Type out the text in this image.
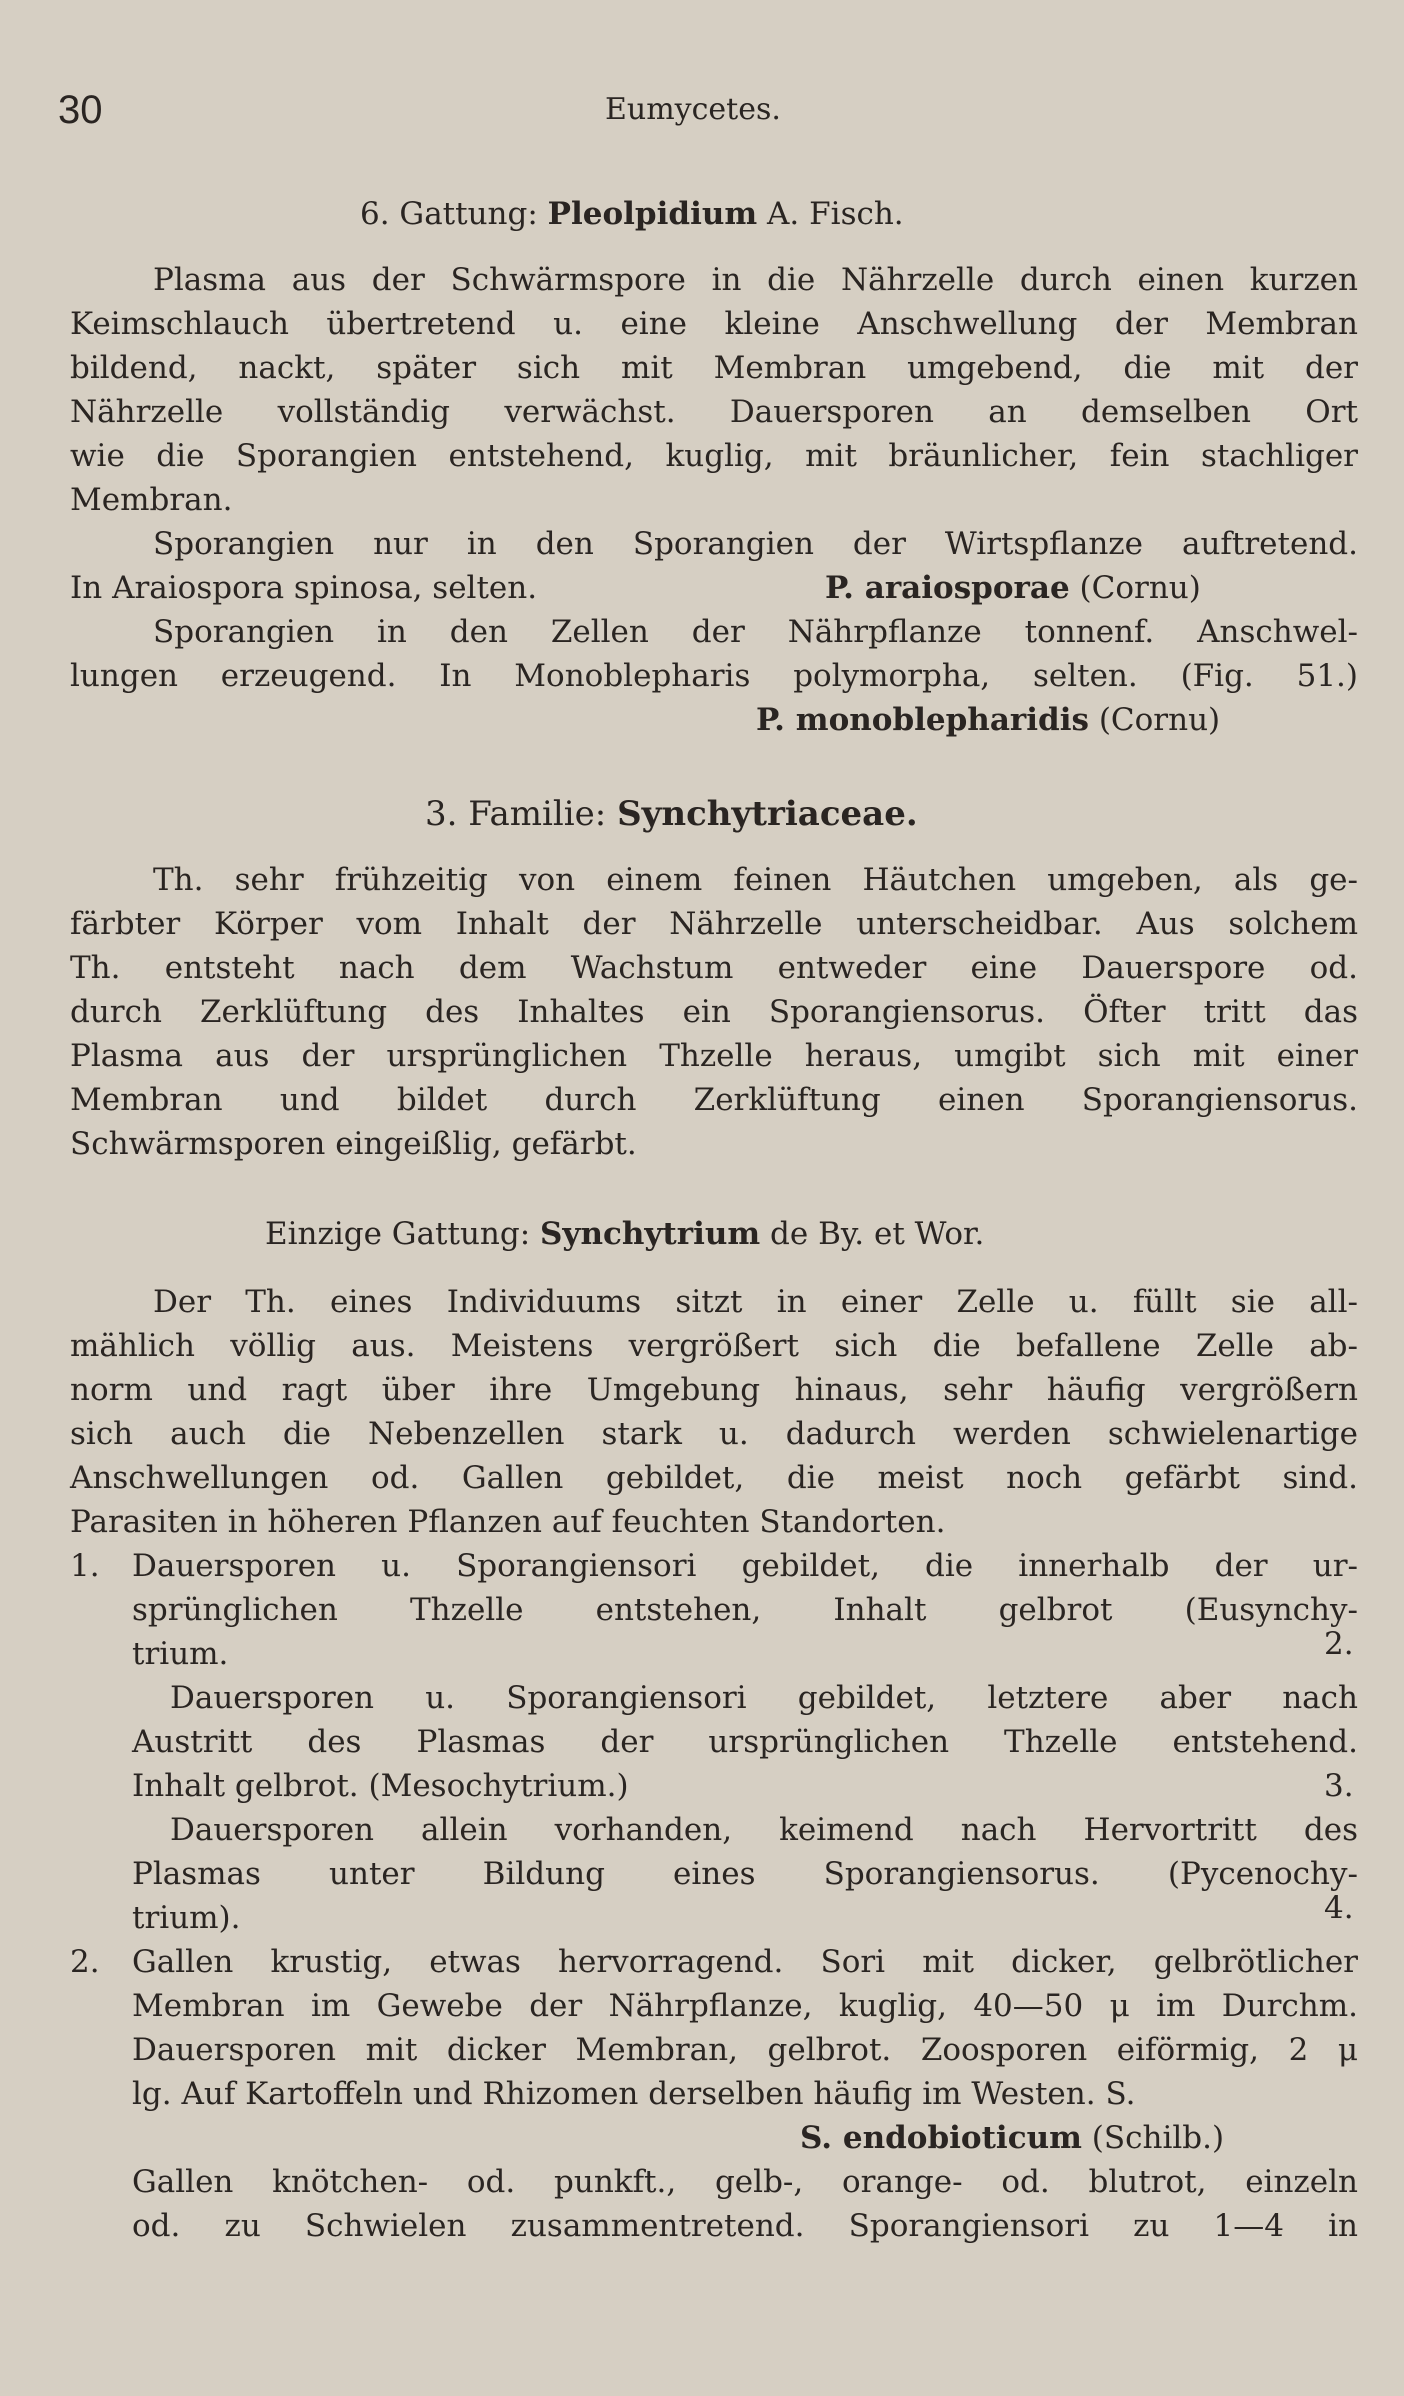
30	Eumycetes.
6. Gattung: Pleolpidium A. Fisch.
Plasma aus der Schwärmspore in die Nährzelle durch einen kurzen
Keimschlauch übertretend u. eine kleine Anschwellung der Membran
bildend, nackt, später sich mit Membran umgebend, die mit der
Nährzelle vollständig verwächst. Dauersporen an demselben Ort
wie die Sporangien entstehend, kuglig, mit bräunlicher, fein stachliger
Membran.
Sporangien nur in den Sporangien der Wirtspflanze auftretend.
In Araiospora spinosa, selten.	P. araiosporae (Cornu)
Sporangien in den Zellen der Nährpflanze tonnenf. Anschwel-
lungen erzeugend. In Monoblepharis polymorpha, selten. (Fig. 51.)
P. monoblepharidis (Cornu)
3. Familie: Synchytriaceae.
Th. sehr frühzeitig von einem feinen Häutchen umgeben, als ge-
färbter Körper vom Inhalt der Nährzelle unterscheidbar. Aus solchem
Th. entsteht nach dem Wachstum entweder eine Dauerspore od.
durch Zerklüftung des Inhaltes ein Sporangiensorus. Öfter tritt das
Plasma aus der ursprünglichen Thzelle heraus, umgibt sich mit einer
Membran und bildet durch Zerklüftung einen Sporangiensorus.
Schwärmsporen eingeißlig, gefärbt.
Einzige Gattung: Synchytrium de By. et Wor.
Der Th. eines Individuums sitzt in einer Zelle u. füllt sie all-
mählich völlig aus. Meistens vergrößert sich die befallene Zelle ab-
norm und ragt über ihre Umgebung hinaus, sehr häufig vergrößern
sich auch die Nebenzellen stark u. dadurch werden schwielenartige
Anschwellungen od. Gallen gebildet, die meist noch gefärbt sind.
Parasiten in höheren Pflanzen auf feuchten Standorten.
1. Dauersporen u. Sporangiensori gebildet, die innerhalb der ur-
sprünglichen Thzelle entstehen, Inhalt gelbrot (Eusynchy-
trium.	2.
Dauersporen u. Sporangiensori gebildet, letztere aber nach
Austritt des Plasmas der ursprünglichen Thzelle entstehend.
Inhalt gelbrot. (Mesochytrium.)	3.
Dauersporen allein vorhanden, keimend nach Hervortritt des
Plasmas unter Bildung eines Sporangiensorus. (Pycenochy-
trium).	4.
2. Gallen krustig, etwas hervorragend. Sori mit dicker, gelbrötlicher
Membran im Gewebe der Nährpflanze, kuglig, 40—50 μ im Durchm.
Dauersporen mit dicker Membran, gelbrot. Zoosporen eiförmig, 2 μ
lg. Auf Kartoffeln und Rhizomen derselben häufig im Westen. S.
S. endobioticum (Schilb.)
Gallen knötchen- od. punkft., gelb-, orange- od. blutrot, einzeln
od. zu Schwielen zusammentretend. Sporangiensori zu 1—4 in
